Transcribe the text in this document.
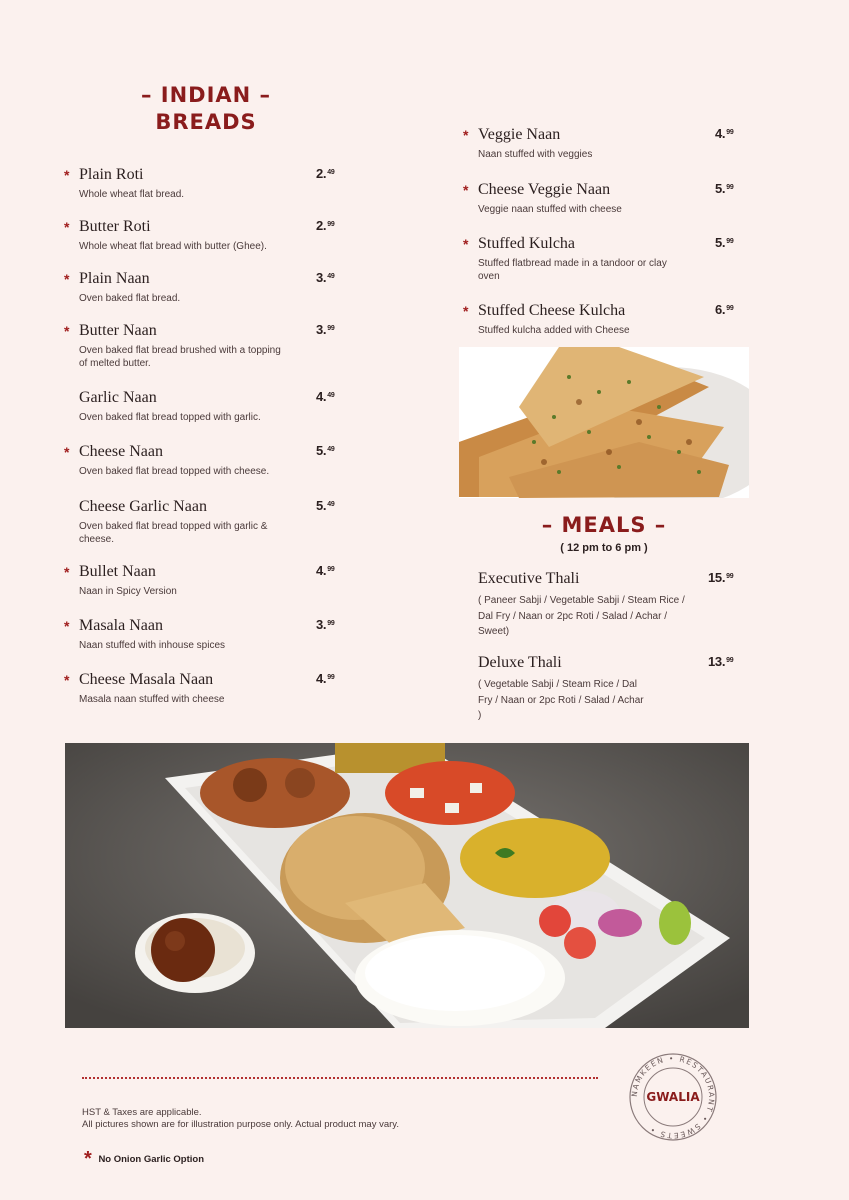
– INDIAN –
BREADS
* Plain Roti
Whole wheat flat bread.
2.49
* Butter Roti
Whole wheat flat bread with butter (Ghee).
2.99
* Plain Naan
Oven baked flat bread.
3.49
* Butter Naan
Oven baked flat bread brushed with a topping of melted butter.
3.99
Garlic Naan
Oven baked flat bread topped with garlic.
4.49
* Cheese Naan
Oven baked flat bread topped with cheese.
5.49
Cheese Garlic Naan
Oven baked flat bread topped with garlic & cheese.
5.49
* Bullet Naan
Naan in Spicy Version
4.99
* Masala Naan
Naan stuffed with inhouse spices
3.99
* Cheese Masala Naan
Masala naan stuffed with cheese
4.99
* Veggie Naan
Naan stuffed with veggies
4.99
* Cheese Veggie Naan
Veggie naan stuffed with cheese
5.99
* Stuffed Kulcha
Stuffed flatbread made in a tandoor or clay oven
5.99
* Stuffed Cheese Kulcha
Stuffed kulcha added with Cheese
6.99
– MEALS –
( 12 pm to 6 pm )
Executive Thali
( Paneer Sabji / Vegetable Sabji / Steam Rice / Dal Fry / Naan or 2pc Roti / Salad / Achar / Sweet)
15.99
Deluxe Thali
( Vegetable Sabji / Steam Rice / Dal Fry / Naan or 2pc Roti / Salad / Achar )
13.99
HST & Taxes are applicable.
All pictures shown are for illustration purpose only. Actual product may vary.
* No Onion Garlic Option
NAMKEEN • RESTAURANT • SWEETS •
GWALIA
